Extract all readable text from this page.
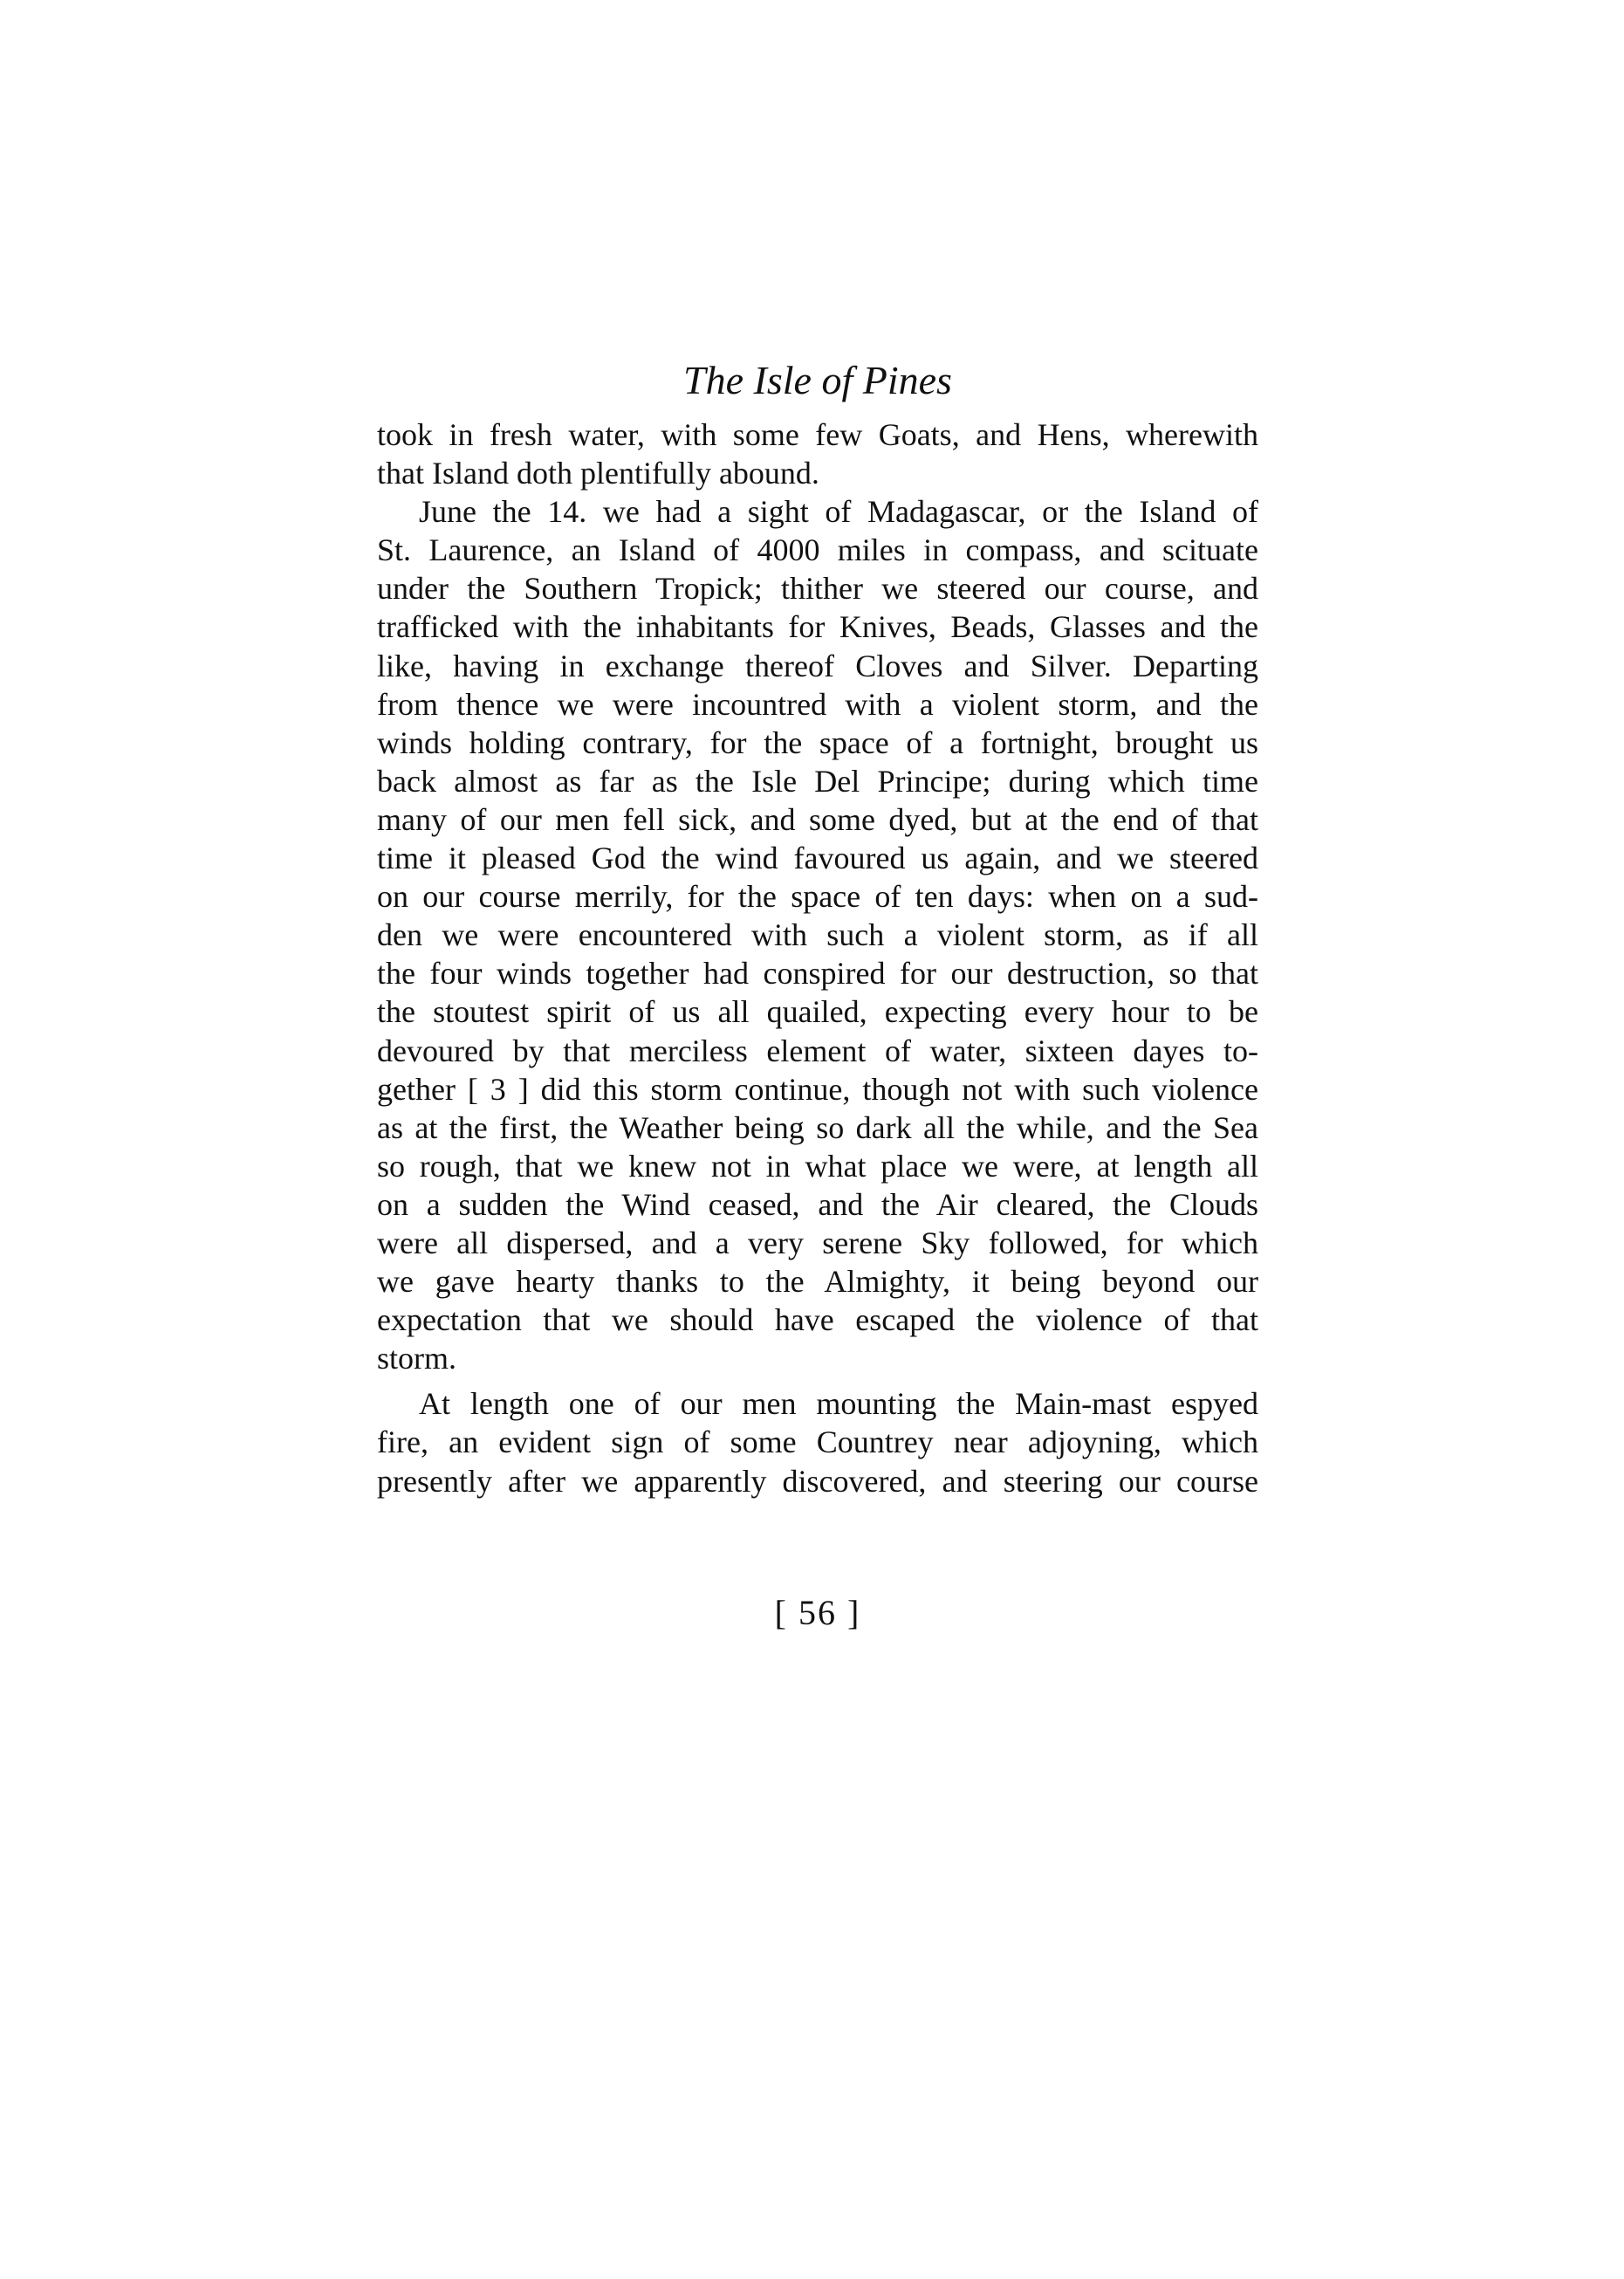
The Isle of Pines
took in fresh water, with some few Goats, and Hens, wherewith
that Island doth plentifully abound.
June the 14. we had a sight of Madagascar, or the Island of
St. Laurence, an Island of 4000 miles in compass, and scituate
under the Southern Tropick; thither we steered our course, and
trafficked with the inhabitants for Knives, Beads, Glasses and the
like, having in exchange thereof Cloves and Silver. Departing
from thence we were incountred with a violent storm, and the
winds holding contrary, for the space of a fortnight, brought us
back almost as far as the Isle Del Principe; during which time
many of our men fell sick, and some dyed, but at the end of that
time it pleased God the wind favoured us again, and we steered
on our course merrily, for the space of ten days: when on a sud-
den we were encountered with such a violent storm, as if all
the four winds together had conspired for our destruction, so that
the stoutest spirit of us all quailed, expecting every hour to be
devoured by that merciless element of water, sixteen dayes to-
gether [ 3 ] did this storm continue, though not with such violence
as at the first, the Weather being so dark all the while, and the Sea
so rough, that we knew not in what place we were, at length all
on a sudden the Wind ceased, and the Air cleared, the Clouds
were all dispersed, and a very serene Sky followed, for which
we gave hearty thanks to the Almighty, it being beyond our
expectation that we should have escaped the violence of that
storm.
At length one of our men mounting the Main-mast espyed
fire, an evident sign of some Countrey near adjoyning, which
presently after we apparently discovered, and steering our course
[ 56 ]
